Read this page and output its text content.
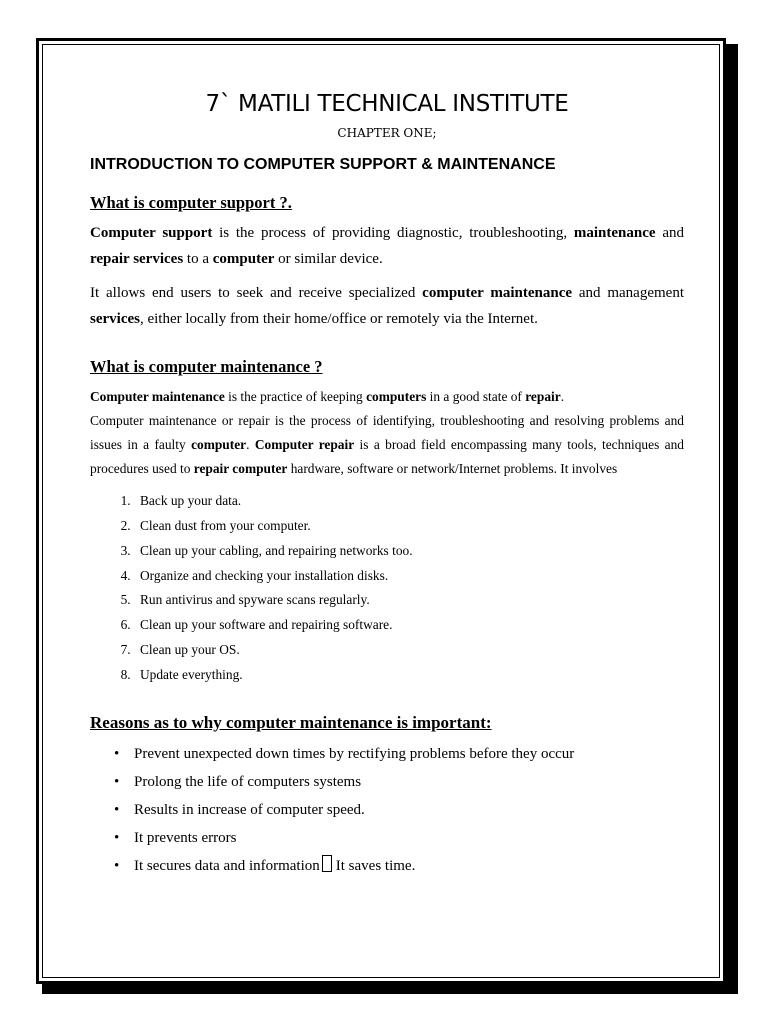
7` MATILI TECHNICAL INSTITUTE
CHAPTER ONE;
INTRODUCTION TO COMPUTER SUPPORT & MAINTENANCE
What is computer support ?.

Computer support is the process of providing diagnostic, troubleshooting, maintenance and repair services to a computer or similar device.

It allows end users to seek and receive specialized computer maintenance and management services, either locally from their home/office or remotely via the Internet.

What is computer maintenance ?

Computer maintenance is the practice of keeping computers in a good state of repair.

Computer maintenance or repair is the process of identifying, troubleshooting and resolving problems and issues in a faulty computer. Computer repair is a broad field encompassing many tools, techniques and procedures used to repair computer hardware, software or network/Internet problems. It involves

1. Back up your data.
2. Clean dust from your computer.
3. Clean up your cabling, and repairing networks too.
4. Organize and checking your installation disks.
5. Run antivirus and spyware scans regularly.
6. Clean up your software and repairing software.
7. Clean up your OS.
8. Update everything.
Reasons as to why computer maintenance is important:
• Prevent unexpected down times by rectifying problems before they occur
• Prolong the life of computers systems
• Results in increase of computer speed.
• It prevents errors
• It secures data and information It saves time.
